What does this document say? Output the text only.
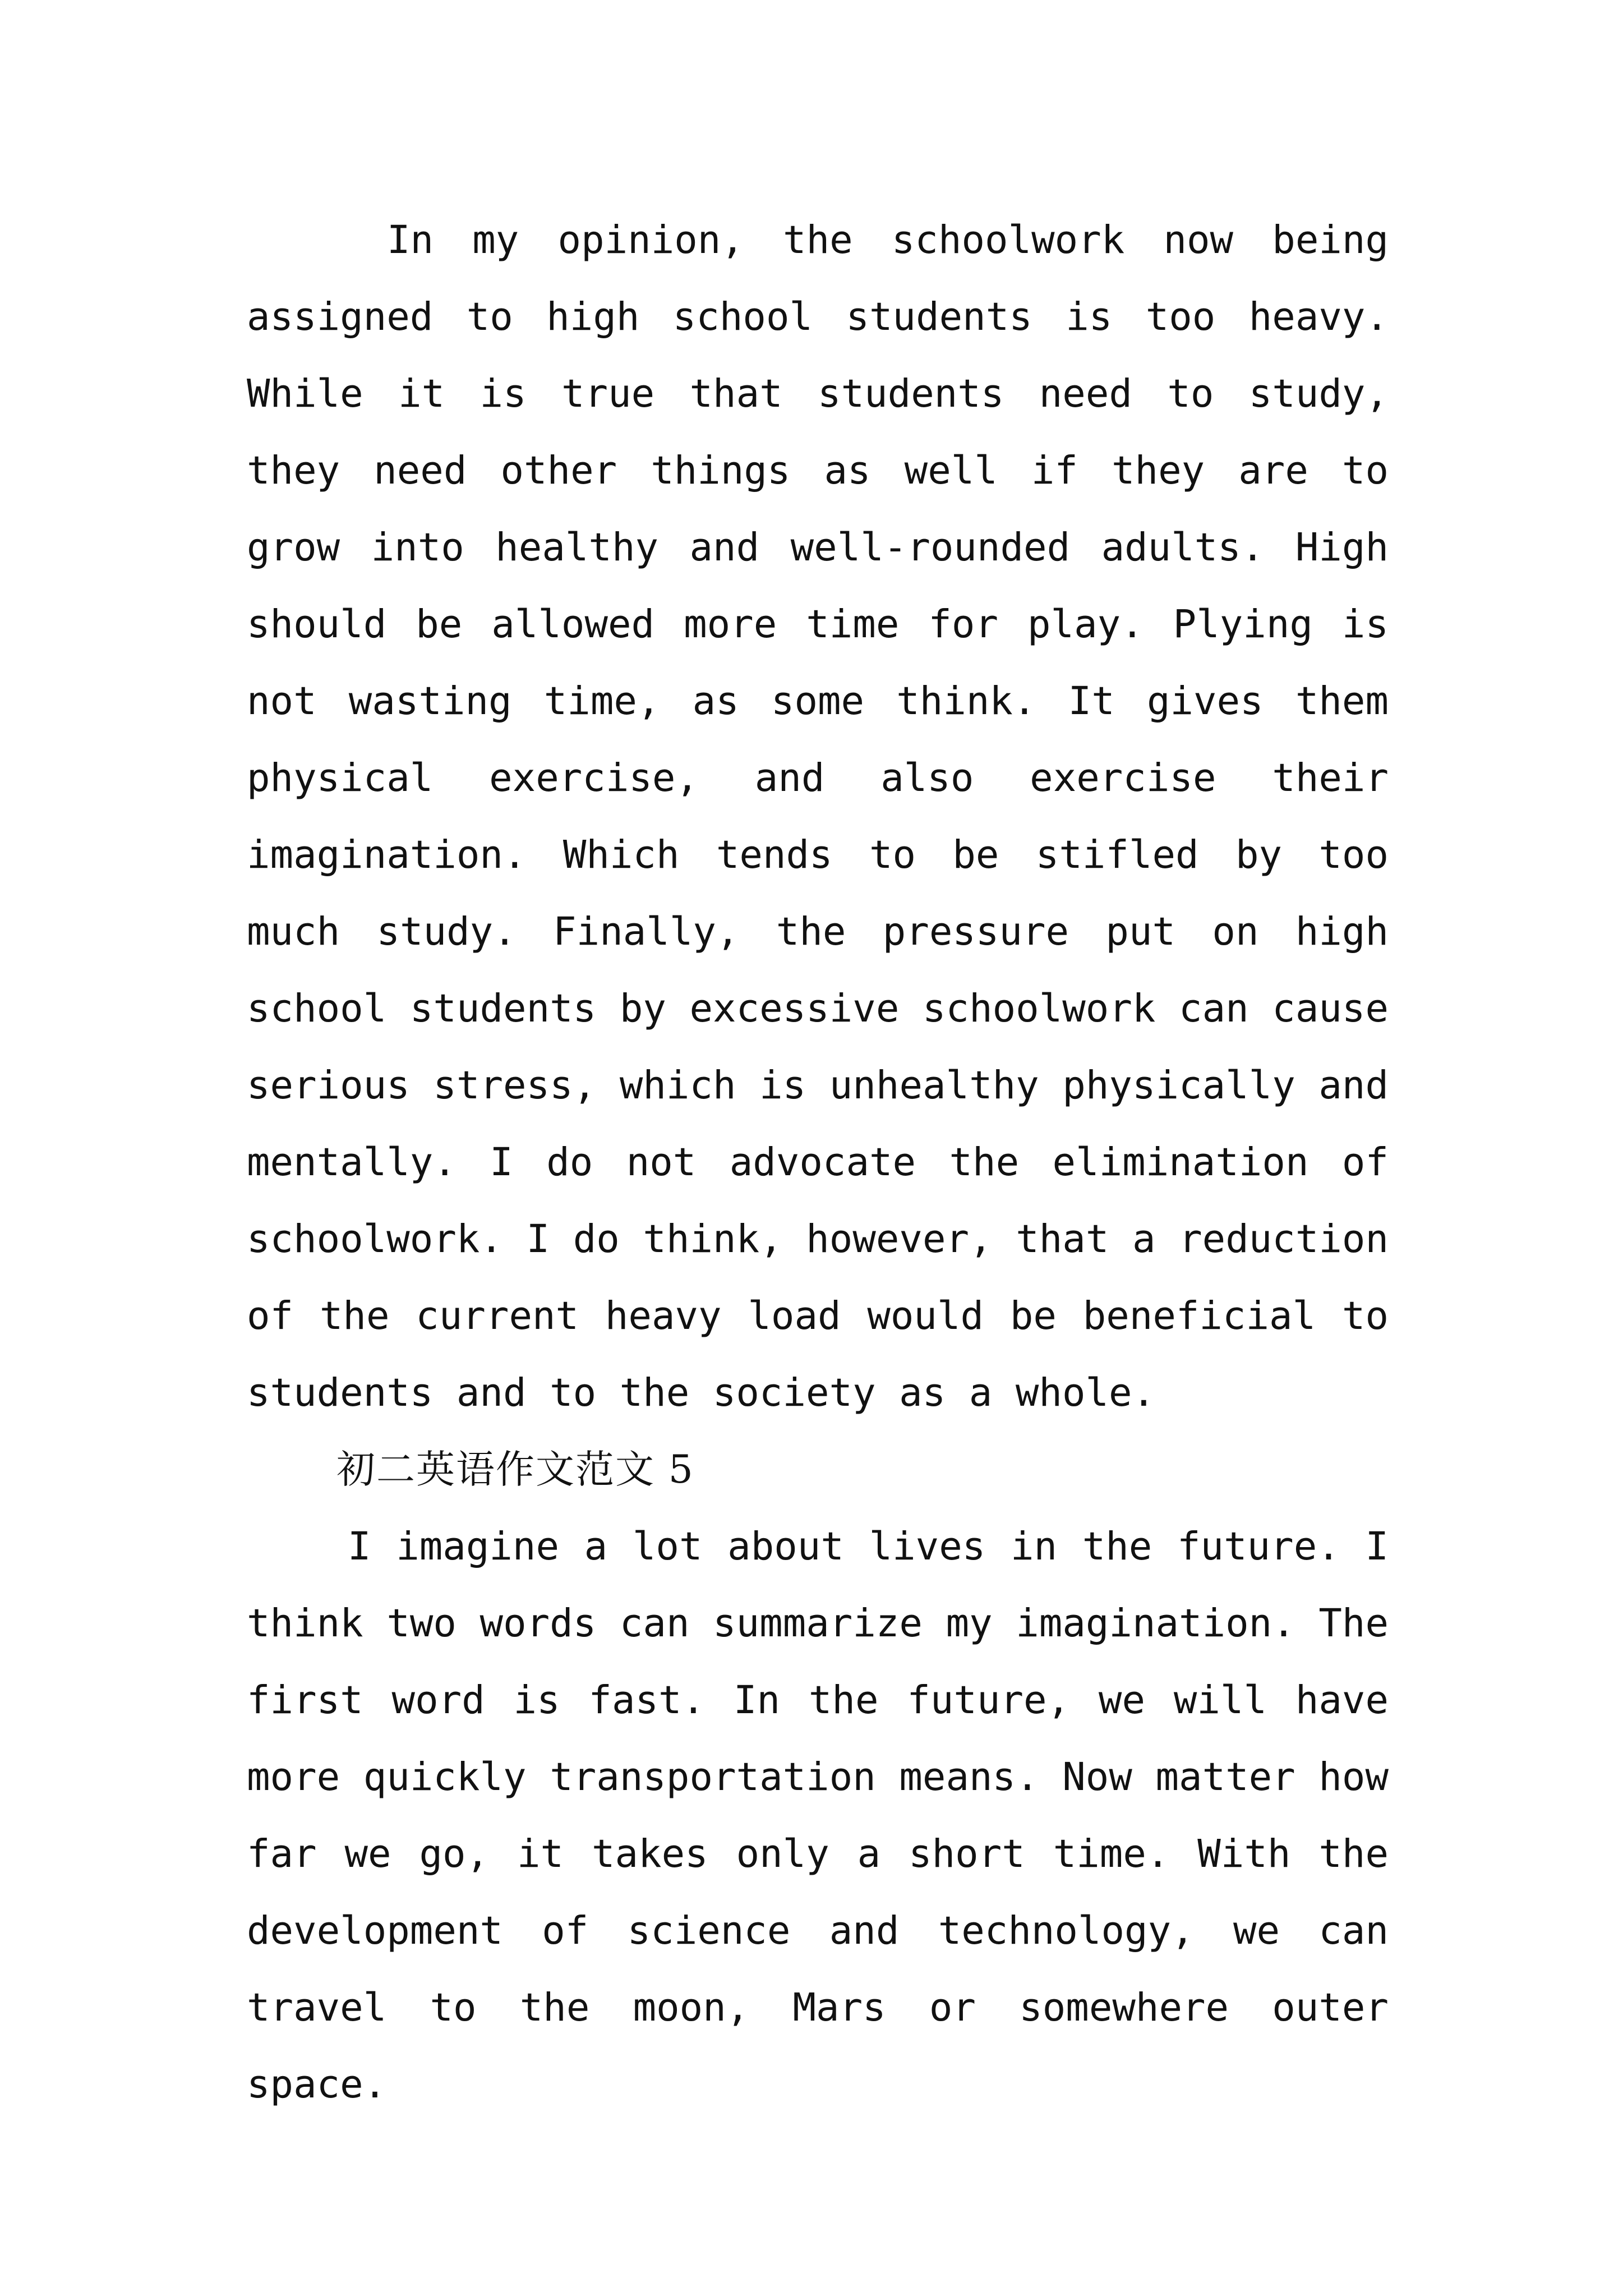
In my opinion, the schoolwork now being assigned to high school students is too heavy. While it is true that students need to study, they need other things as well if they are to grow into healthy and well-rounded adults. High should be allowed more time for play. Plying is not wasting time, as some think. It gives them physical exercise, and also exercise their imagination. Which tends to be stifled by too much study. Finally, the pressure put on high school students by excessive schoolwork can cause serious stress, which is unhealthy physically and mentally. I do not advocate the elimination of schoolwork. I do think, however, that a reduction of the current heavy load would be beneficial to students and to the society as a whole.

初二英语作文范文 5

I imagine a lot about lives in the future. I think two words can summarize my imagination. The first word is fast. In the future, we will have more quickly transportation means. Now matter how far we go, it takes only a short time. With the development of science and technology, we can travel to the moon, Mars or somewhere outer space.
